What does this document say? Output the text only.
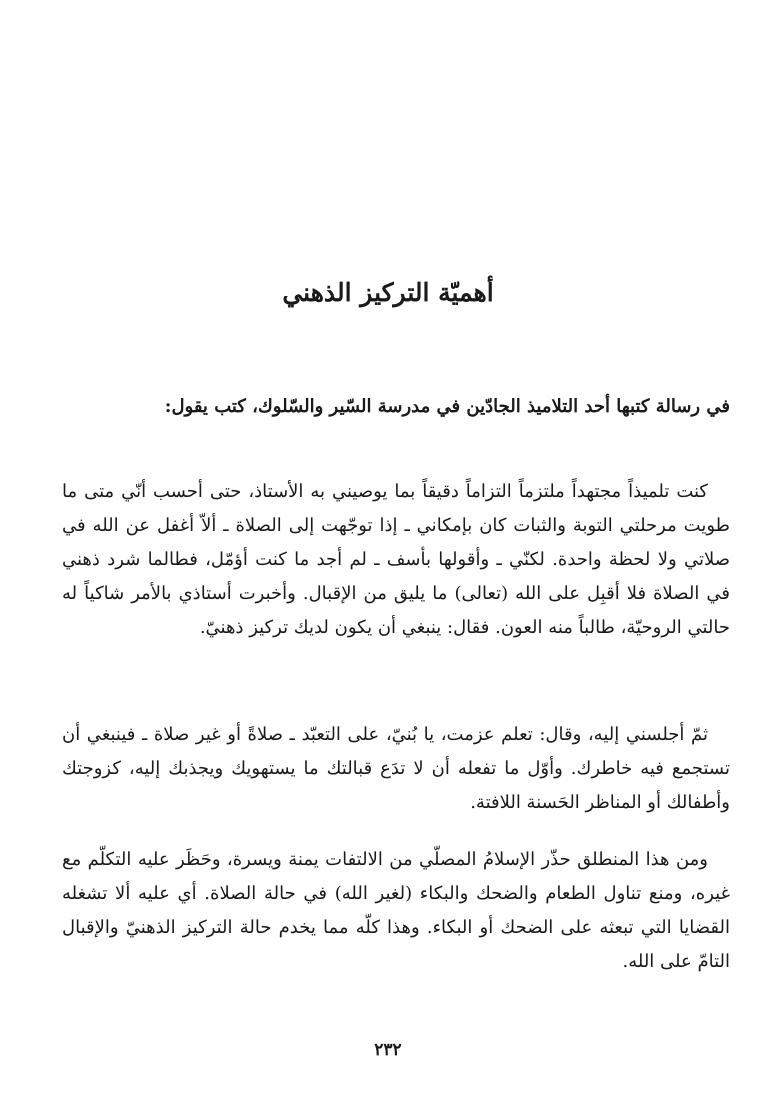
أهميّة التركيز الذهني

في رسالة كتبها أحد التلاميذ الجادّين في مدرسة السّير والسّلوك، كتب يقول:

كنت تلميذاً مجتهداً ملتزماً التزاماً دقيقاً بما يوصيني به الأستاذ، حتى أحسب أنّي متى ما طويت مرحلتي التوبة والثبات كان بإمكاني ـ إذا توجّهت إلى الصلاة ـ ألاّ أغفل عن الله في صلاتي ولا لحظة واحدة. لكنّي ـ وأقولها بأسف ـ لم أجد ما كنت أؤمّل، فطالما شرد ذهني في الصلاة فلا أقبِل على الله (تعالى) ما يليق من الإقبال. وأخبرت أستاذي بالأمر شاكياً له حالتي الروحيّة، طالباً منه العون. فقال: ينبغي أن يكون لديك تركيز ذهنيّ.

ثمّ أجلسني إليه، وقال: تعلم عزمت، يا بُنيّ، على التعبّد ـ صلاةً أو غير صلاة ـ فينبغي أن تستجمع فيه خاطرك. وأوّل ما تفعله أن لا تدَع قبالتك ما يستهويك ويجذبك إليه، كزوجتك وأطفالك أو المناظر الحَسنة اللافتة.

ومن هذا المنطلق حذّر الإسلامُ المصلّي من الالتفات يمنة ويسرة، وحَظَر عليه التكلّم مع غيره، ومنع تناول الطعام والضحك والبكاء (لغير الله) في حالة الصلاة. أي عليه ألا تشغله القضايا التي تبعثه على الضحك أو البكاء. وهذا كلّه مما يخدم حالة التركيز الذهنيّ والإقبال التامّ على الله.

٢٣٢
